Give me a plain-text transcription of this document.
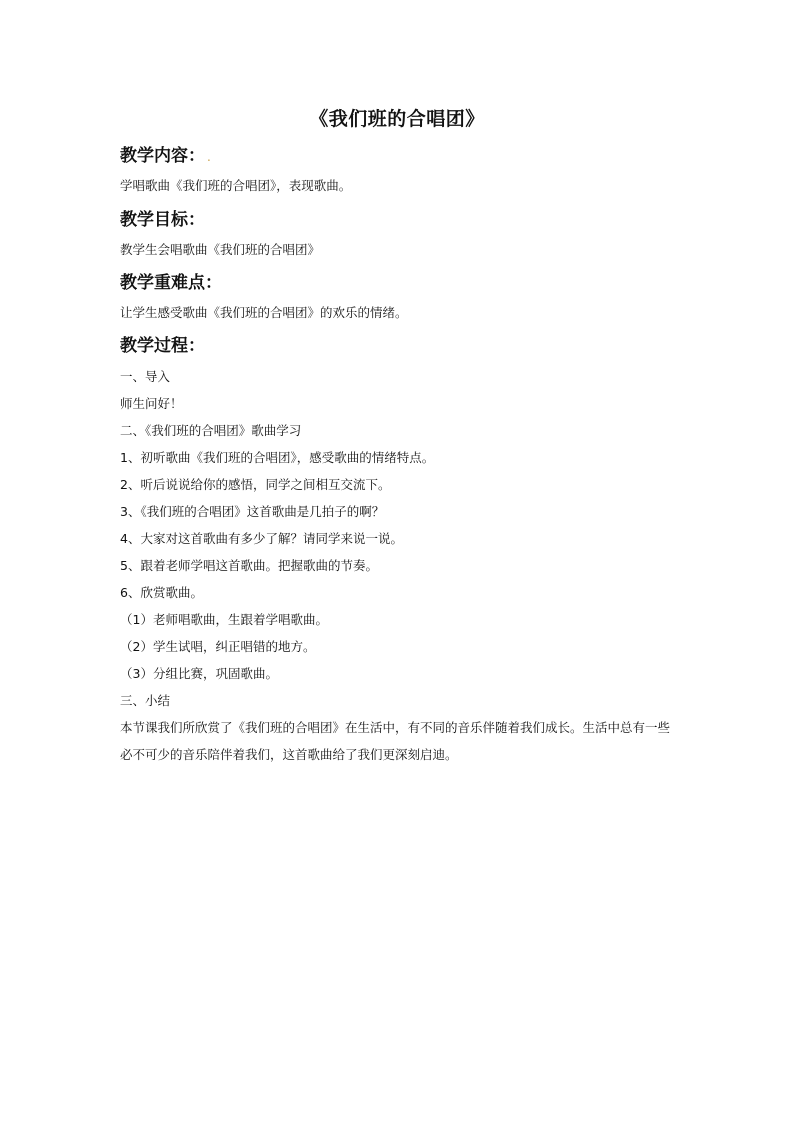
《我们班的合唱团》
教学内容： .
学唱歌曲《我们班的合唱团》，表现歌曲。
教学目标：
教学生会唱歌曲《我们班的合唱团》
教学重难点：
让学生感受歌曲《我们班的合唱团》的欢乐的情绪。
教学过程：
一、导入
师生问好！
二、《我们班的合唱团》歌曲学习
1、初听歌曲《我们班的合唱团》，感受歌曲的情绪特点。
2、听后说说给你的感悟，同学之间相互交流下。
3、《我们班的合唱团》这首歌曲是几拍子的啊？
4、大家对这首歌曲有多少了解？请同学来说一说。
5、跟着老师学唱这首歌曲。把握歌曲的节奏。
6、欣赏歌曲。
（1）老师唱歌曲，生跟着学唱歌曲。
（2）学生试唱，纠正唱错的地方。
（3）分组比赛，巩固歌曲。
三、小结
本节课我们所欣赏了《我们班的合唱团》在生活中，有不同的音乐伴随着我们成长。生活中总有一些必不可少的音乐陪伴着我们，这首歌曲给了我们更深刻启迪。
